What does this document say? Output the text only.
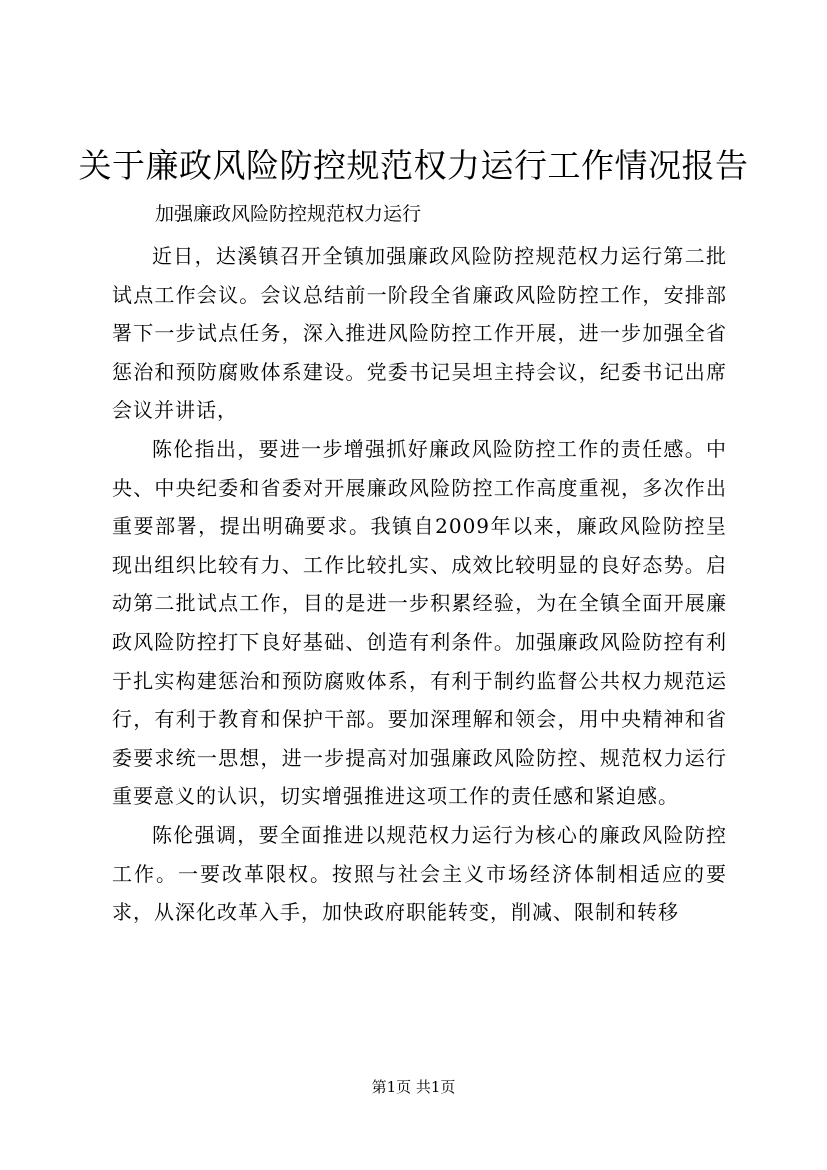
关于廉政风险防控规范权力运行工作情况报告

加强廉政风险防控规范权力运行

近日，达溪镇召开全镇加强廉政风险防控规范权力运行第二批试点工作会议。会议总结前一阶段全省廉政风险防控工作，安排部署下一步试点任务，深入推进风险防控工作开展，进一步加强全省惩治和预防腐败体系建设。党委书记吴坦主持会议，纪委书记出席会议并讲话，

陈伦指出，要进一步增强抓好廉政风险防控工作的责任感。中央、中央纪委和省委对开展廉政风险防控工作高度重视，多次作出重要部署，提出明确要求。我镇自2009年以来，廉政风险防控呈现出组织比较有力、工作比较扎实、成效比较明显的良好态势。启动第二批试点工作，目的是进一步积累经验，为在全镇全面开展廉政风险防控打下良好基础、创造有利条件。加强廉政风险防控有利于扎实构建惩治和预防腐败体系，有利于制约监督公共权力规范运行，有利于教育和保护干部。要加深理解和领会，用中央精神和省委要求统一思想，进一步提高对加强廉政风险防控、规范权力运行重要意义的认识，切实增强推进这项工作的责任感和紧迫感。

陈伦强调，要全面推进以规范权力运行为核心的廉政风险防控工作。一要改革限权。按照与社会主义市场经济体制相适应的要求，从深化改革入手，加快政府职能转变，削减、限制和转移

第1页 共1页
